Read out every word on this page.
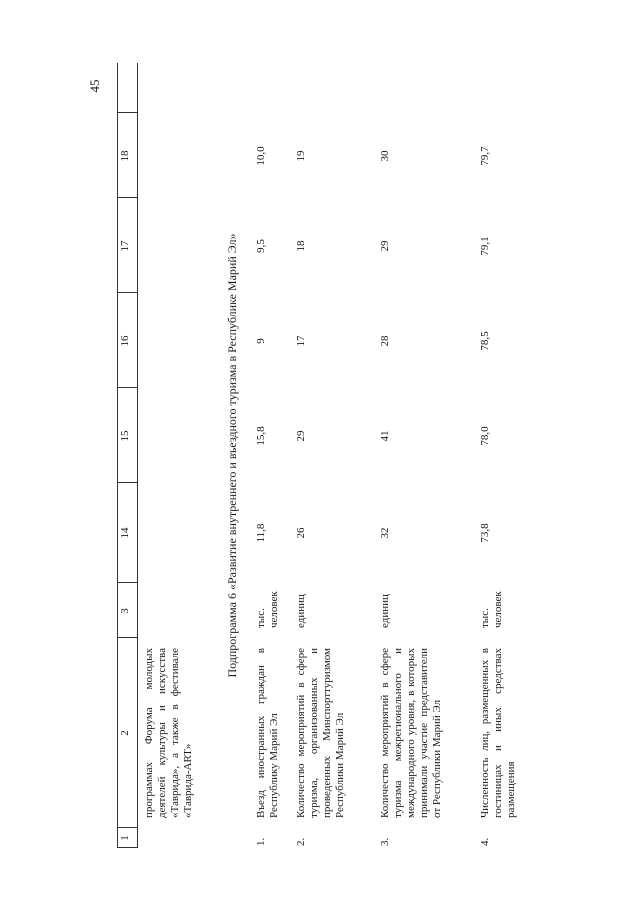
45
1
2
3
14
15
16
17
18
программах Форума молодых деятелей культуры и искусства «Таврида», а также в фестивале «Таврида-ART»
Подпрограмма 6 «Развитие внутреннего и въездного туризма в Республике Марий Эл»
1.
Въезд иностранных граждан в Республику Марий Эл
тыс.
человек
11,8
15,8
9
9,5
10,0
2.
Количество мероприятий в сфере туризма, организованных и проведенных Минспорттуризмом Республики Марий Эл
единиц
26
29
17
18
19
3.
Количество мероприятий в сфере туризма межрегионального и международного уровня, в которых принимали участие представители от Республики Марий Эл
единиц
32
41
28
29
30
4.
Численность лиц, размещенных в гостиницах и иных средствах размещения
тыс.
человек
73,8
78,0
78,5
79,1
79,7
